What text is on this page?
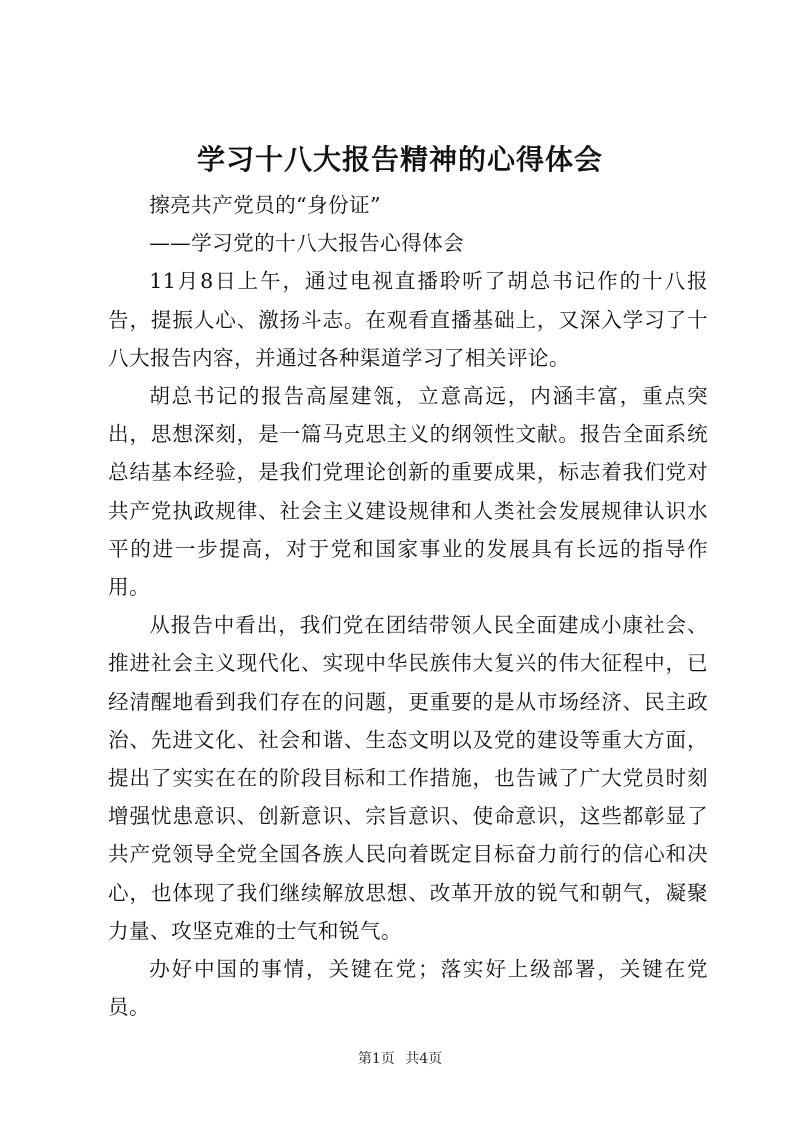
学习十八大报告精神的心得体会

擦亮共产党员的“身份证”

——学习党的十八大报告心得体会

11月8日上午，通过电视直播聆听了胡总书记作的十八报告，提振人心、激扬斗志。在观看直播基础上，又深入学习了十八大报告内容，并通过各种渠道学习了相关评论。

胡总书记的报告高屋建瓴，立意高远，内涵丰富，重点突出，思想深刻，是一篇马克思主义的纲领性文献。报告全面系统总结基本经验，是我们党理论创新的重要成果，标志着我们党对共产党执政规律、社会主义建设规律和人类社会发展规律认识水平的进一步提高，对于党和国家事业的发展具有长远的指导作用。

从报告中看出，我们党在团结带领人民全面建成小康社会、推进社会主义现代化、实现中华民族伟大复兴的伟大征程中，已经清醒地看到我们存在的问题，更重要的是从市场经济、民主政治、先进文化、社会和谐、生态文明以及党的建设等重大方面，提出了实实在在的阶段目标和工作措施，也告诫了广大党员时刻增强忧患意识、创新意识、宗旨意识、使命意识，这些都彰显了共产党领导全党全国各族人民向着既定目标奋力前行的信心和决心，也体现了我们继续解放思想、改革开放的锐气和朝气，凝聚力量、攻坚克难的士气和锐气。

办好中国的事情，关键在党；落实好上级部署，关键在党员。

第1页 共4页
